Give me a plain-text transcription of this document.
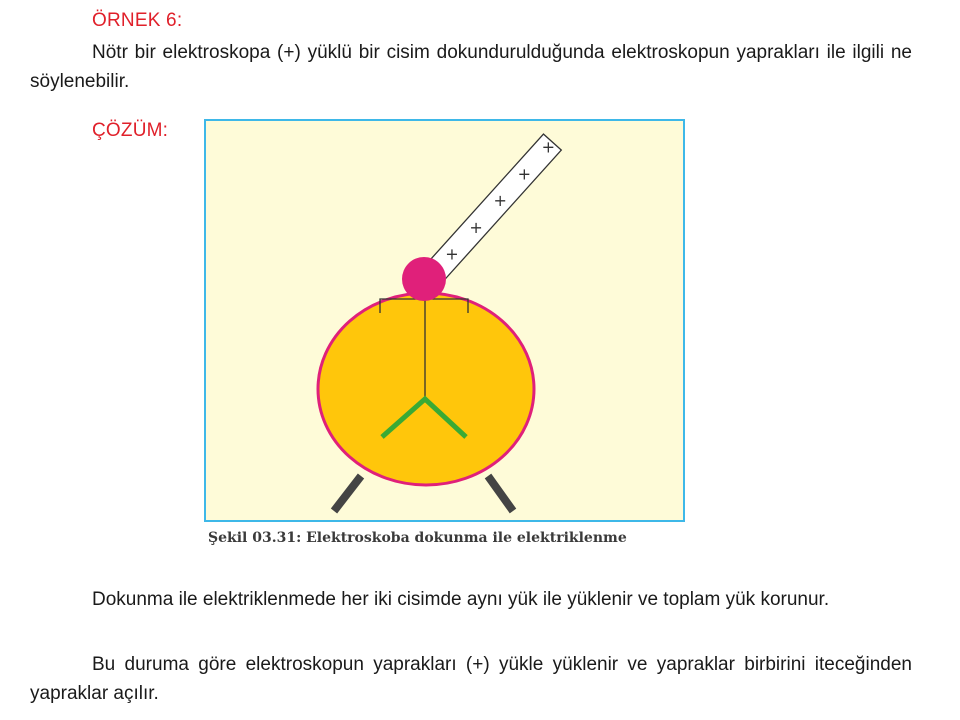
ÖRNEK 6:

Nötr bir elektroskopa (+) yüklü bir cisim dokundurulduğunda elektroskopun yaprakları ile ilgili ne söylenebilir.

ÇÖZÜM:
+
+
+
+
+
Şekil 03.31: Elektroskoba dokunma ile elektriklenme

Dokunma ile elektriklenmede her iki cisimde aynı yük ile yüklenir ve toplam yük korunur.

Bu duruma göre elektroskopun yaprakları (+) yükle yüklenir ve yapraklar birbirini iteceğinden yapraklar açılır.
